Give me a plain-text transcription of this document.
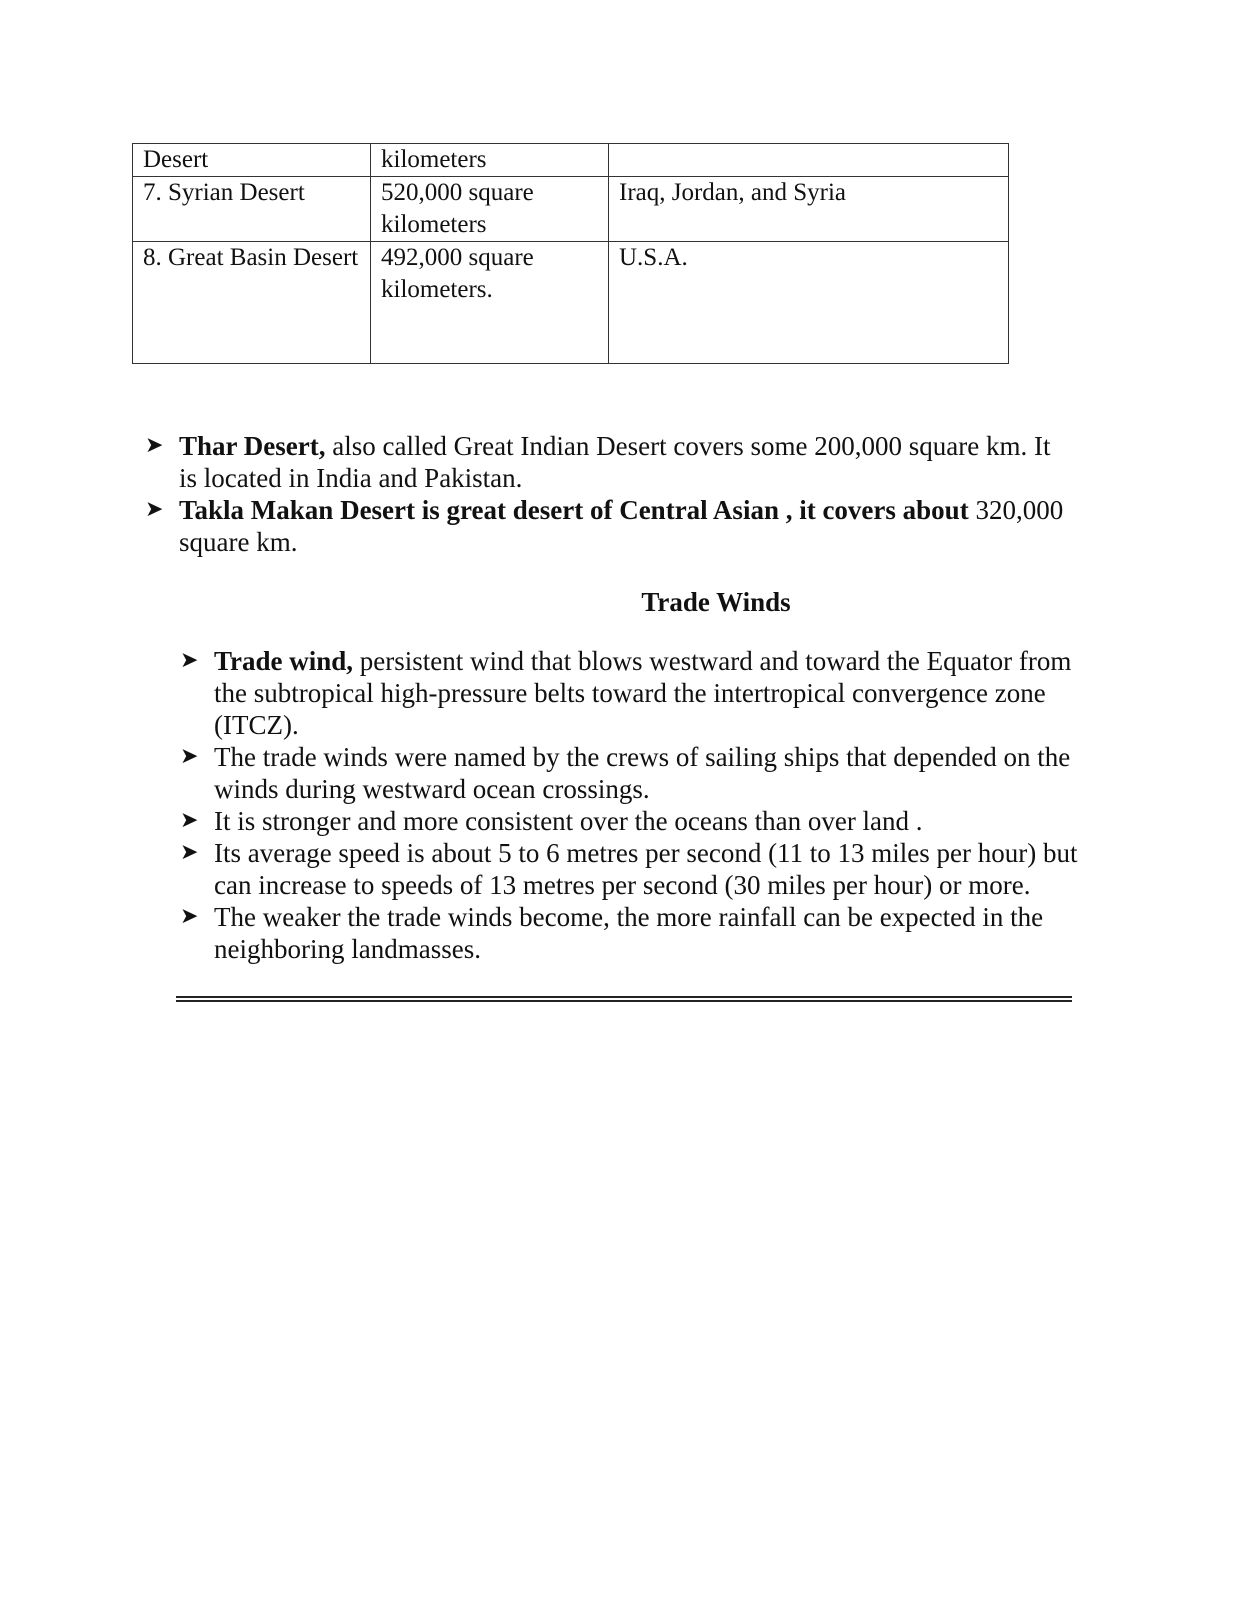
Desert	kilometers	
7. Syrian Desert	520,000 square kilometers	Iraq, Jordan, and Syria
8. Great Basin Desert	492,000 square kilometers.	U.S.A.
➤ Thar Desert, also called Great Indian Desert covers some 200,000 square km. It is located in India and Pakistan.
➤ Takla Makan Desert is great desert of Central Asian , it covers about 320,000 square km.
Trade Winds
➤ Trade wind, persistent wind that blows westward and toward the Equator from the subtropical high-pressure belts toward the intertropical convergence zone (ITCZ).
➤ The trade winds were named by the crews of sailing ships that depended on the winds during westward ocean crossings.
➤ It is stronger and more consistent over the oceans than over land .
➤ Its average speed is about 5 to 6 metres per second (11 to 13 miles per hour) but can increase to speeds of 13 metres per second (30 miles per hour) or more.
➤ The weaker the trade winds become, the more rainfall can be expected in the neighboring landmasses.
